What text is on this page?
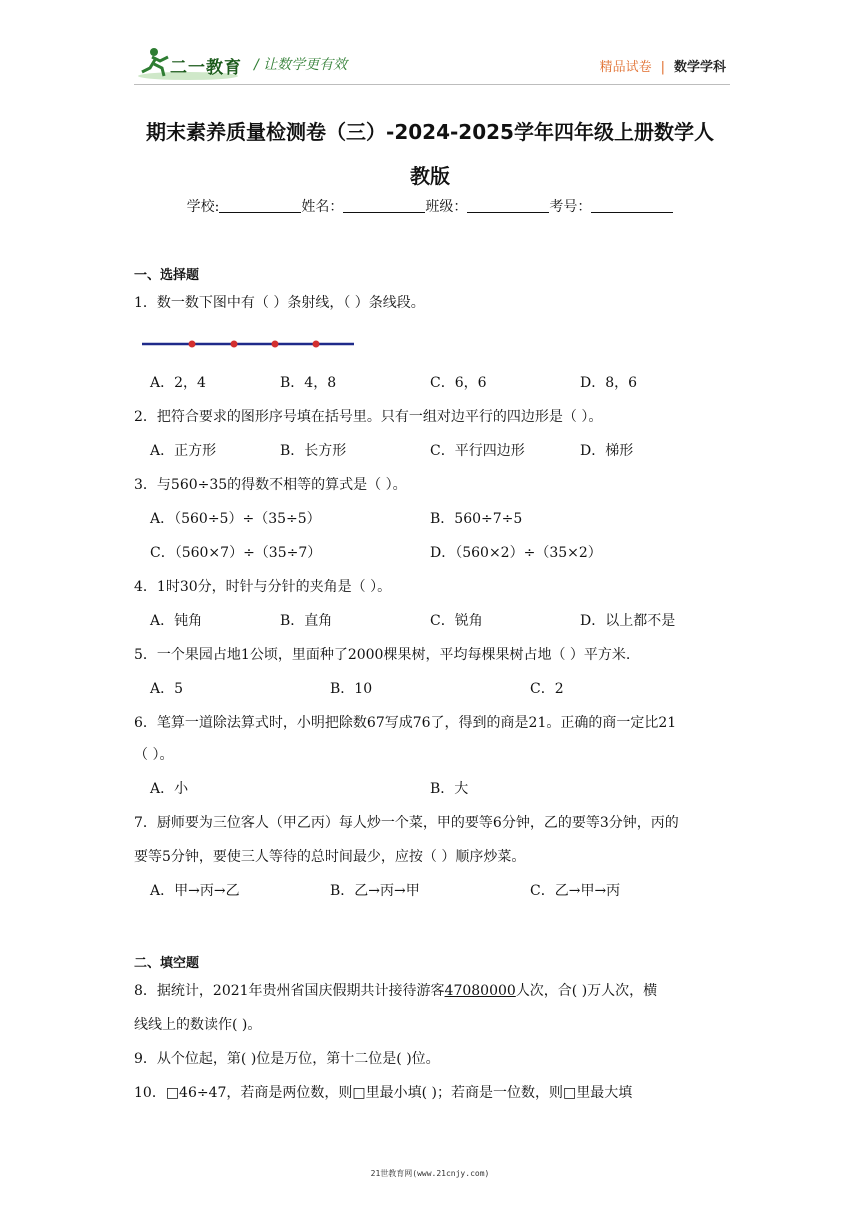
二一教育 / 让数学更有效	精品试卷 | 数学学科
期末素养质量检测卷（三）-2024-2025学年四年级上册数学人
教版
学校:	姓名：	班级：	考号：
一、选择题
1．数一数下图中有（ ）条射线，（ ）条线段。
A．2，4	B．4，8	C．6，6	D．8，6
2．把符合要求的图形序号填在括号里。只有一组对边平行的四边形是（ ）。
A．正方形	B．长方形	C．平行四边形	D．梯形
3．与560÷35的得数不相等的算式是（ ）。
A．（560÷5）÷（35÷5）	B．560÷7÷5
C．（560×7）÷（35÷7）	D．（560×2）÷（35×2）
4．1时30分，时针与分针的夹角是（ ）。
A．钝角	B．直角	C．锐角	D．以上都不是
5．一个果园占地1公顷，里面种了2000棵果树，平均每棵果树占地（ ）平方米.
A．5	B．10	C．2
6．笔算一道除法算式时，小明把除数67写成76了，得到的商是21。正确的商一定比21
（ ）。
A．小	B．大
7．厨师要为三位客人（甲乙丙）每人炒一个菜，甲的要等6分钟，乙的要等3分钟，丙的
要等5分钟，要使三人等待的总时间最少，应按（ ）顺序炒菜。
A．甲→丙→乙	B．乙→丙→甲	C．乙→甲→丙
二、填空题
8．据统计，2021年贵州省国庆假期共计接待游客47080000人次，合( )万人次，横
线线上的数读作( )。
9．从个位起，第( )位是万位，第十二位是( )位。
10．□46÷47，若商是两位数，则□里最小填( )；若商是一位数，则□里最大填
21世教育网(www.21cnjy.com)
